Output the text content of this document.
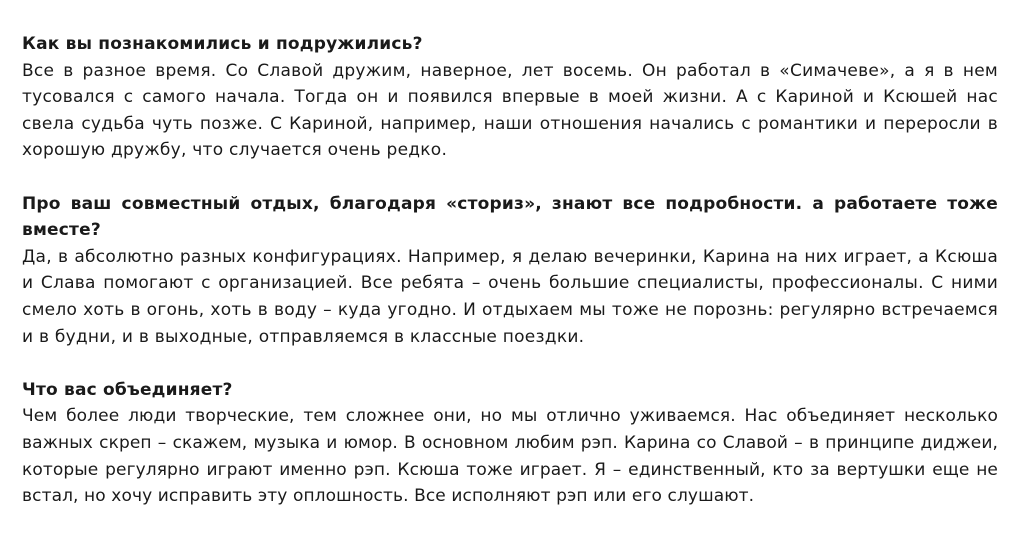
Как вы познакомились и подружились?

Все в разное время. Со Славой дружим, наверное, лет восемь. Он работал в «Симачеве», а я в нем тусовался с самого начала. Тогда он и появился впервые в моей жизни. А с Кариной и Ксюшей нас свела судьба чуть позже. С Кариной, например, наши отношения начались с романтики и переросли в хорошую дружбу, что случается очень редко.

Про ваш совместный отдых, благодаря «сториз», знают все подробности. а работаете тоже вместе?

Да, в абсолютно разных конфигурациях. Например, я делаю вечеринки, Карина на них играет, а Ксюша и Слава помогают с организацией. Все ребята – очень большие специалисты, профессионалы. С ними смело хоть в огонь, хоть в воду – куда угодно. И отдыхаем мы тоже не порознь: регулярно встречаемся и в будни, и в выходные, отправляемся в классные поездки.

Что вас объединяет?

Чем более люди творческие, тем сложнее они, но мы отлично уживаемся. Нас объединяет несколько важных скреп – скажем, музыка и юмор. В основном любим рэп. Карина со Славой – в принципе диджеи, которые регулярно играют именно рэп. Ксюша тоже играет. Я – единственный, кто за вертушки еще не встал, но хочу исправить эту оплошность. Все исполняют рэп или его слушают.
